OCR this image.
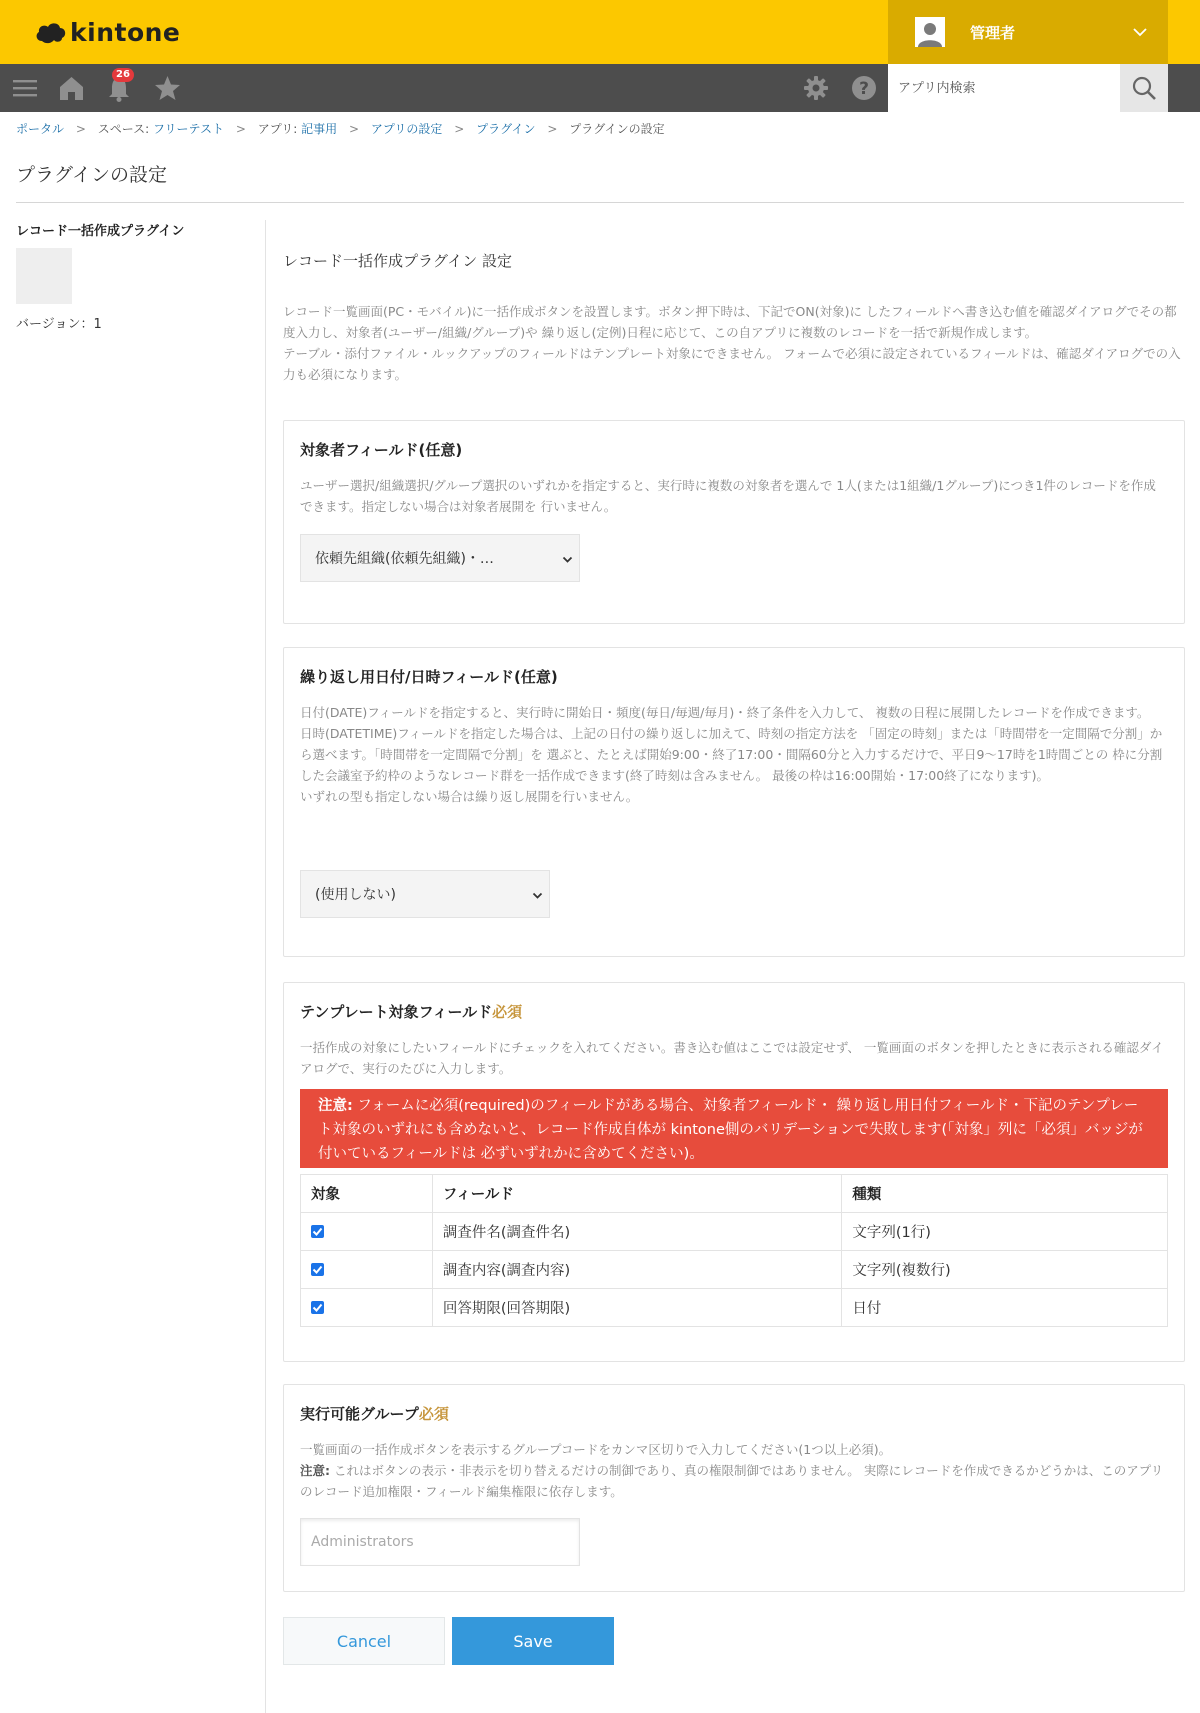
kintone	管理者
?
26
アプリ内検索
ポータル > スペース: フリーテスト > アプリ: 記事用 > アプリの設定 > プラグイン > プラグインの設定
プラグインの設定
レコード一括作成プラグイン
バージョン：1
レコード一括作成プラグイン 設定

レコード一覧画面(PC・モバイル)に一括作成ボタンを設置します。ボタン押下時は、下記でON(対象)に したフィールドへ書き込む値を確認ダイアログでその都度入力し、対象者(ユーザー/組織/グループ)や 繰り返し(定例)日程に応じて、この自アプリに複数のレコードを一括で新規作成します。

テーブル・添付ファイル・ルックアップのフィールドはテンプレート対象にできません。 フォームで必須に設定されているフィールドは、確認ダイアログでの入力も必須になります。

対象者フィールド(任意)

ユーザー選択/組織選択/グループ選択のいずれかを指定すると、実行時に複数の対象者を選んで 1人(または1組織/1グループ)につき1件のレコードを作成できます。指定しない場合は対象者展開を 行いません。

依頼先組織(依頼先組織)・…
繰り返し用日付/日時フィールド(任意)

日付(DATE)フィールドを指定すると、実行時に開始日・頻度(毎日/毎週/毎月)・終了条件を入力して、 複数の日程に展開したレコードを作成できます。

日時(DATETIME)フィールドを指定した場合は、上記の日付の繰り返しに加えて、時刻の指定方法を 「固定の時刻」または「時間帯を一定間隔で分割」から選べます。「時間帯を一定間隔で分割」を 選ぶと、たとえば開始9:00・終了17:00・間隔60分と入力するだけで、平日9〜17時を1時間ごとの 枠に分割した会議室予約枠のようなレコード群を一括作成できます(終了時刻は含みません。 最後の枠は16:00開始・17:00終了になります)。

いずれの型も指定しない場合は繰り返し展開を行いません。

(使用しない)
テンプレート対象フィールド必須

一括作成の対象にしたいフィールドにチェックを入れてください。書き込む値はここでは設定せず、 一覧画面のボタンを押したときに表示される確認ダイアログで、実行のたびに入力します。

注意: フォームに必須(required)のフィールドがある場合、対象者フィールド・ 繰り返し用日付フィールド・下記のテンプレート対象のいずれにも含めないと、レコード作成自体が kintone側のバリデーションで失敗します(「対象」列に「必須」バッジが付いているフィールドは 必ずいずれかに含めてください)。
対象	フィールド	種類

	調査件名(調査件名)	文字列(1行)

	調査内容(調査内容)	文字列(複数行)

	回答期限(回答期限)	日付
実行可能グループ必須

一覧画面の一括作成ボタンを表示するグループコードをカンマ区切りで入力してください(1つ以上必須)。

注意: これはボタンの表示・非表示を切り替えるだけの制御であり、真の権限制御ではありません。 実際にレコードを作成できるかどうかは、このアプリのレコード追加権限・フィールド編集権限に依存します。

Administrators
Cancel	Save
